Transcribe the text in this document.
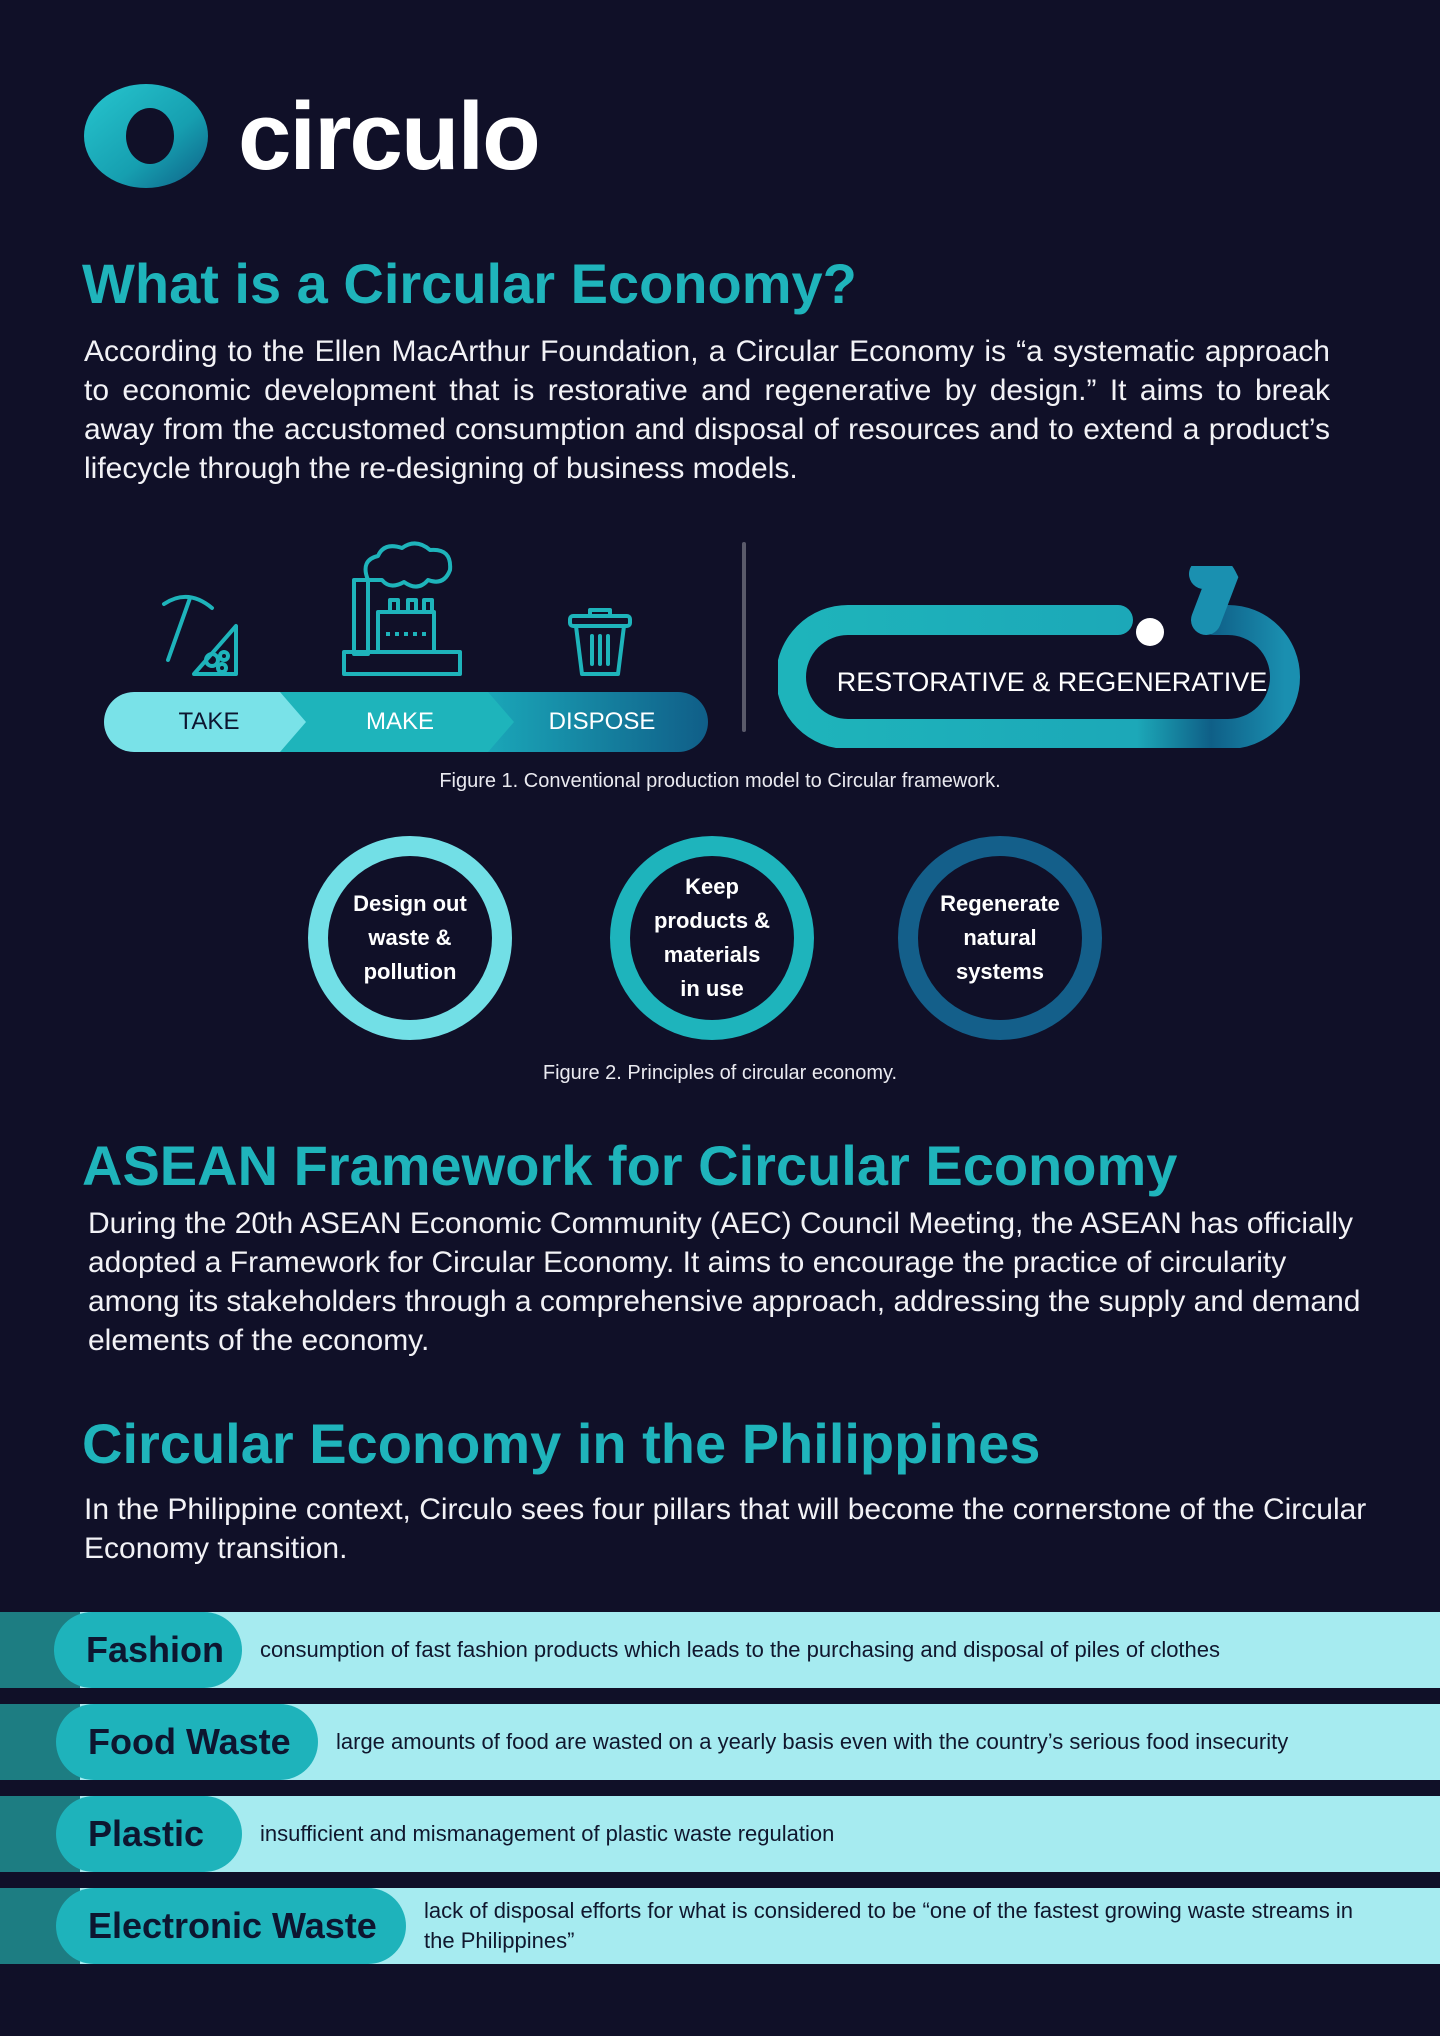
circulo
What is a Circular Economy?

According to the Ellen MacArthur Foundation, a Circular Economy is “a systematic approach to economic development that is restorative and regenerative by design.” It aims to break away from the accustomed consumption and disposal of resources and to extend a product’s lifecycle through the re-designing of business models.

TAKE	MAKE	DISPOSE
RESTORATIVE & REGENERATIVE
Figure 1. Conventional production model to Circular framework.
Design out
waste &
pollution
Keep
products &
materials
in use
Regenerate
natural
systems
Figure 2. Principles of circular economy.
ASEAN Framework for Circular Economy

During the 20th ASEAN Economic Community (AEC) Council Meeting, the ASEAN has officially adopted a Framework for Circular Economy. It aims to encourage the practice of circularity among its stakeholders through a comprehensive approach, addressing the supply and demand elements of the economy.

Circular Economy in the Philippines

In the Philippine context, Circulo sees four pillars that will become the cornerstone of the Circular Economy transition.

Fashion	consumption of fast fashion products which leads to the purchasing and disposal of piles of clothes
Food Waste	large amounts of food are wasted on a yearly basis even with the country’s serious food insecurity
Plastic	insufficient and mismanagement of plastic waste regulation
Electronic Waste	lack of disposal efforts for what is considered to be “one of the fastest growing waste streams in the Philippines”
